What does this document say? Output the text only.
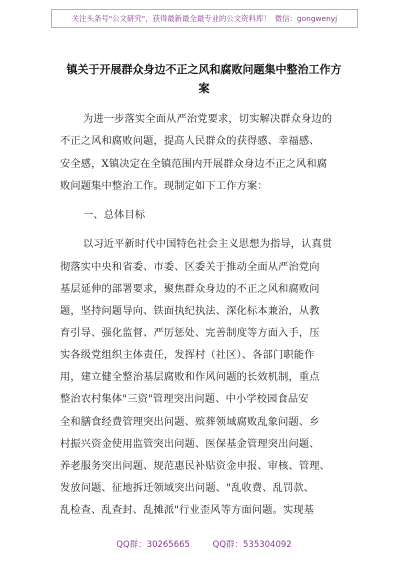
关注头条号"公文研究"，获得最新最全最专业的公文资料库！ 微信：gongwenyj
镇关于开展群众身边不正之风和腐败问题集中整治工作方
案
为进一步落实全面从严治党要求，切实解决群众身边的
不正之风和腐败问题，提高人民群众的获得感、幸福感、
安全感，X镇决定在全镇范围内开展群众身边不正之风和腐
败问题集中整治工作。现制定如下工作方案：
一、总体目标
以习近平新时代中国特色社会主义思想为指导，认真贯
彻落实中央和省委、市委、区委关于推动全面从严治党向
基层延伸的部署要求，聚焦群众身边的不正之风和腐败问
题，坚持问题导向、铁面执纪执法、深化标本兼治，从教
育引导、强化监督、严厉惩处、完善制度等方面入手，压
实各级党组织主体责任，发挥村（社区）、各部门职能作
用，建立健全整治基层腐败和作风问题的长效机制，重点
整治农村集体"三资"管理突出问题、中小学校园食品安
全和膳食经费管理突出问题、殡葬领域腐败乱象问题、乡
村振兴资金使用监管突出问题、医保基金管理突出问题、
养老服务突出问题、规范惠民补贴资金申报、审核、管理、
发放问题、征地拆迁领域突出问题、"乱收费、乱罚款、
乱检查、乱查封、乱摊派"行业歪风等方面问题。实现基
QQ群：30265665	QQ群：535304092
